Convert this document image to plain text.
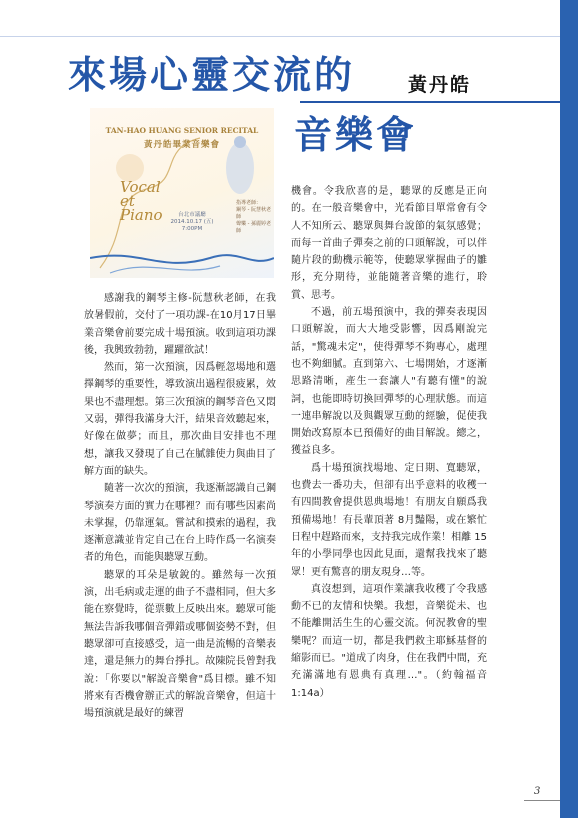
來場心靈交流的	黃丹皓
音樂會
TAN-HAO HUANG SENIOR RECITAL
黃丹皓畢業音樂會
Vocal et Piano	台北市議廳
2014.10.17 (五)
7:00PM
指導老師：
鋼琴 - 阮慧秋老師
聲樂 - 孫麗婷老師

感謝我的鋼琴主修-阮慧秋老師，在我放暑假前，交付了一項功課-在10月17日畢業音樂會前要完成十場預演。收到這項功課後，我興致勃勃，躍躍欲試！

然而，第一次預演，因爲輕忽場地和選擇鋼琴的重要性，導致演出過程很疲累，效果也不盡理想。第三次預演的鋼琴音色又悶又弱，彈得我滿身大汗，結果音效聽起來，好像在做夢；而且，那次曲目安排也不理想，讓我又發現了自己在膩雜使力與曲目了解方面的缺失。

隨著一次次的預演，我逐漸認識自己鋼琴演奏方面的實力在哪裡？而有哪些因素尚未掌握，仍靠運氣。嘗試和摸索的過程，我逐漸意識並肯定自己在台上時作爲一名演奏者的角色，而能與聽眾互動。

聽眾的耳朵是敏銳的。雖然每一次預演，出毛病或走運的曲子不盡相同，但大多能在察覺時，從票數上反映出來。聽眾可能無法告訴我哪個音彈錯或哪個姿勢不對，但聽眾卻可直接感受，這一曲是流暢的音樂表達，還是無力的舞台掙扎。故陳院長曾對我說：「你要以"解說音樂會"爲目標。雖不知將來有否機會辦正式的解說音樂會，但這十場預演就是最好的練習

機會。令我欣喜的是，聽眾的反應是正向的。在一般音樂會中，光看節目單常會有令人不知所云、聽眾與舞台說節的氣氛感覺；而每一首曲子彈奏之前的口頭解說，可以伴隨片段的動機示範等，使聽眾掌握曲子的雛形，充分期待，並能隨著音樂的進行，聆賞、思考。

不過，前五場預演中，我的彈奏表現因口頭解說，而大大地受影響，因爲剛說完話，"驚魂未定"，使得彈琴不夠專心，處理也不夠細膩。直到第六、七場開始，才逐漸思路清晰，產生一套讓人"有聽有懂"的說詞，也能即時切換回彈琴的心理狀態。而這一連串解說以及與觀眾互動的經驗，促使我開始改寫原本已預備好的曲目解說。總之，獲益良多。

爲十場預演找場地、定日期、寬聽眾，也費去一番功夫，但卻有出乎意料的收穫一有四間教會提供恩典場地！有朋友自願爲我預備場地！有長輩頂著 8月豔陽，或在繁忙日程中趕路而來，支持我完成作業！相離 15年的小學同學也因此見面，還幫我找來了聽眾！更有驚喜的朋友現身…等。

真沒想到，這項作業讓我收穫了令我感動不已的友情和快樂。我想，音樂從未、也不能離開活生生的心靈交流。何況教會的聖樂呢？而這一切，都是我們救主耶穌基督的縮影而已。"道成了肉身，住在我們中間，充充滿滿地有恩典有真理…"。（約翰福音 1:14a）

3
